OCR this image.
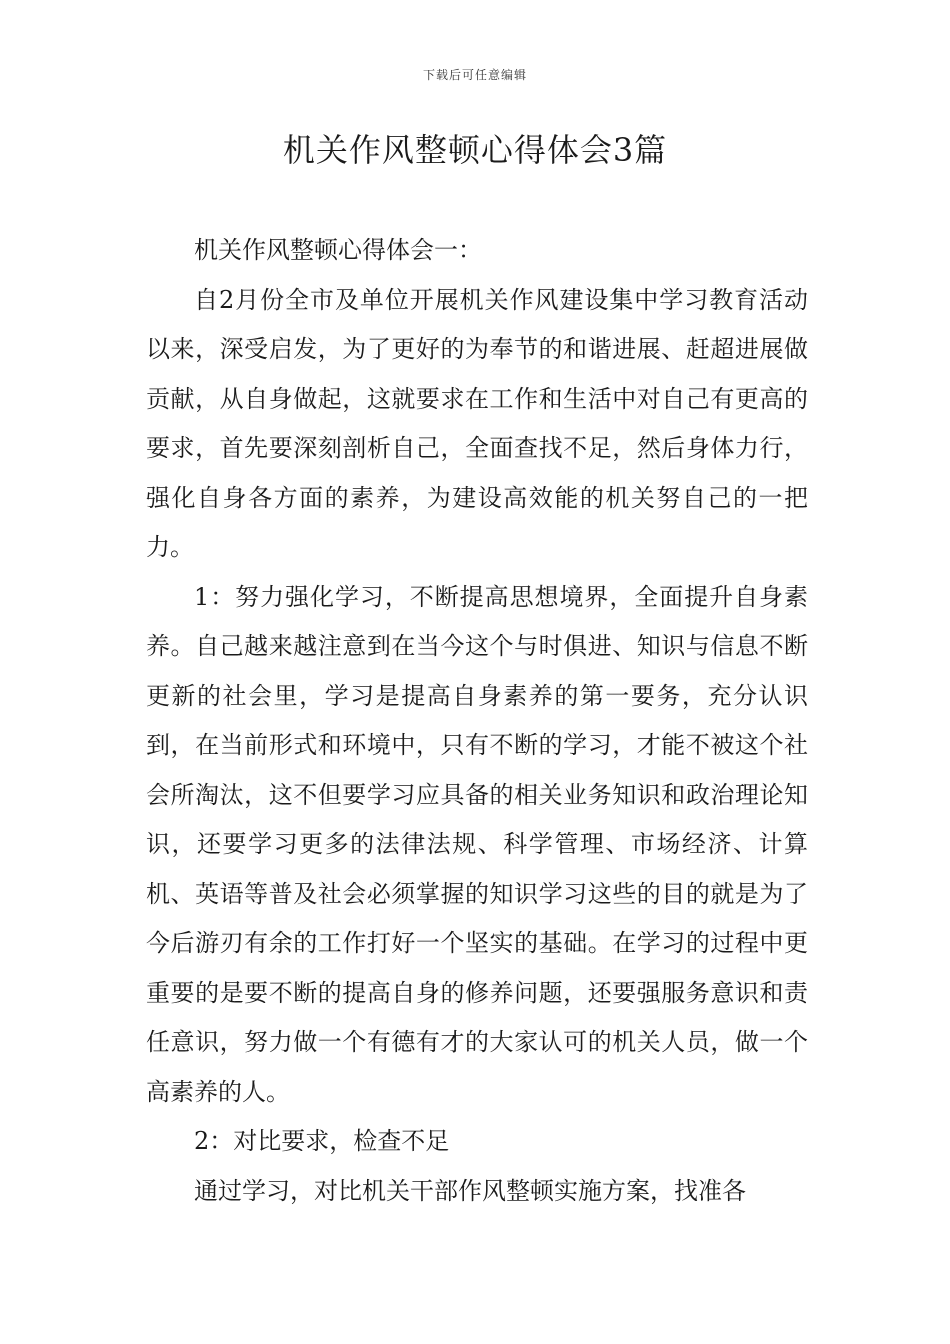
下载后可任意编辑
机关作风整顿心得体会3篇

机关作风整顿心得体会一：

自2月份全市及单位开展机关作风建设集中学习教育活动以来，深受启发，为了更好的为奉节的和谐进展、赶超进展做贡献，从自身做起，这就要求在工作和生活中对自己有更高的要求，首先要深刻剖析自己，全面查找不足，然后身体力行，强化自身各方面的素养，为建设高效能的机关努自己的一把力。

1：努力强化学习，不断提高思想境界，全面提升自身素养。自己越来越注意到在当今这个与时俱进、知识与信息不断更新的社会里，学习是提高自身素养的第一要务，充分认识到，在当前形式和环境中，只有不断的学习，才能不被这个社会所淘汰，这不但要学习应具备的相关业务知识和政治理论知识，还要学习更多的法律法规、科学管理、市场经济、计算机、英语等普及社会必须掌握的知识学习这些的目的就是为了今后游刃有余的工作打好一个坚实的基础。在学习的过程中更重要的是要不断的提高自身的修养问题，还要强服务意识和责任意识，努力做一个有德有才的大家认可的机关人员，做一个高素养的人。

2：对比要求，检查不足

通过学习，对比机关干部作风整顿实施方案，找准各
